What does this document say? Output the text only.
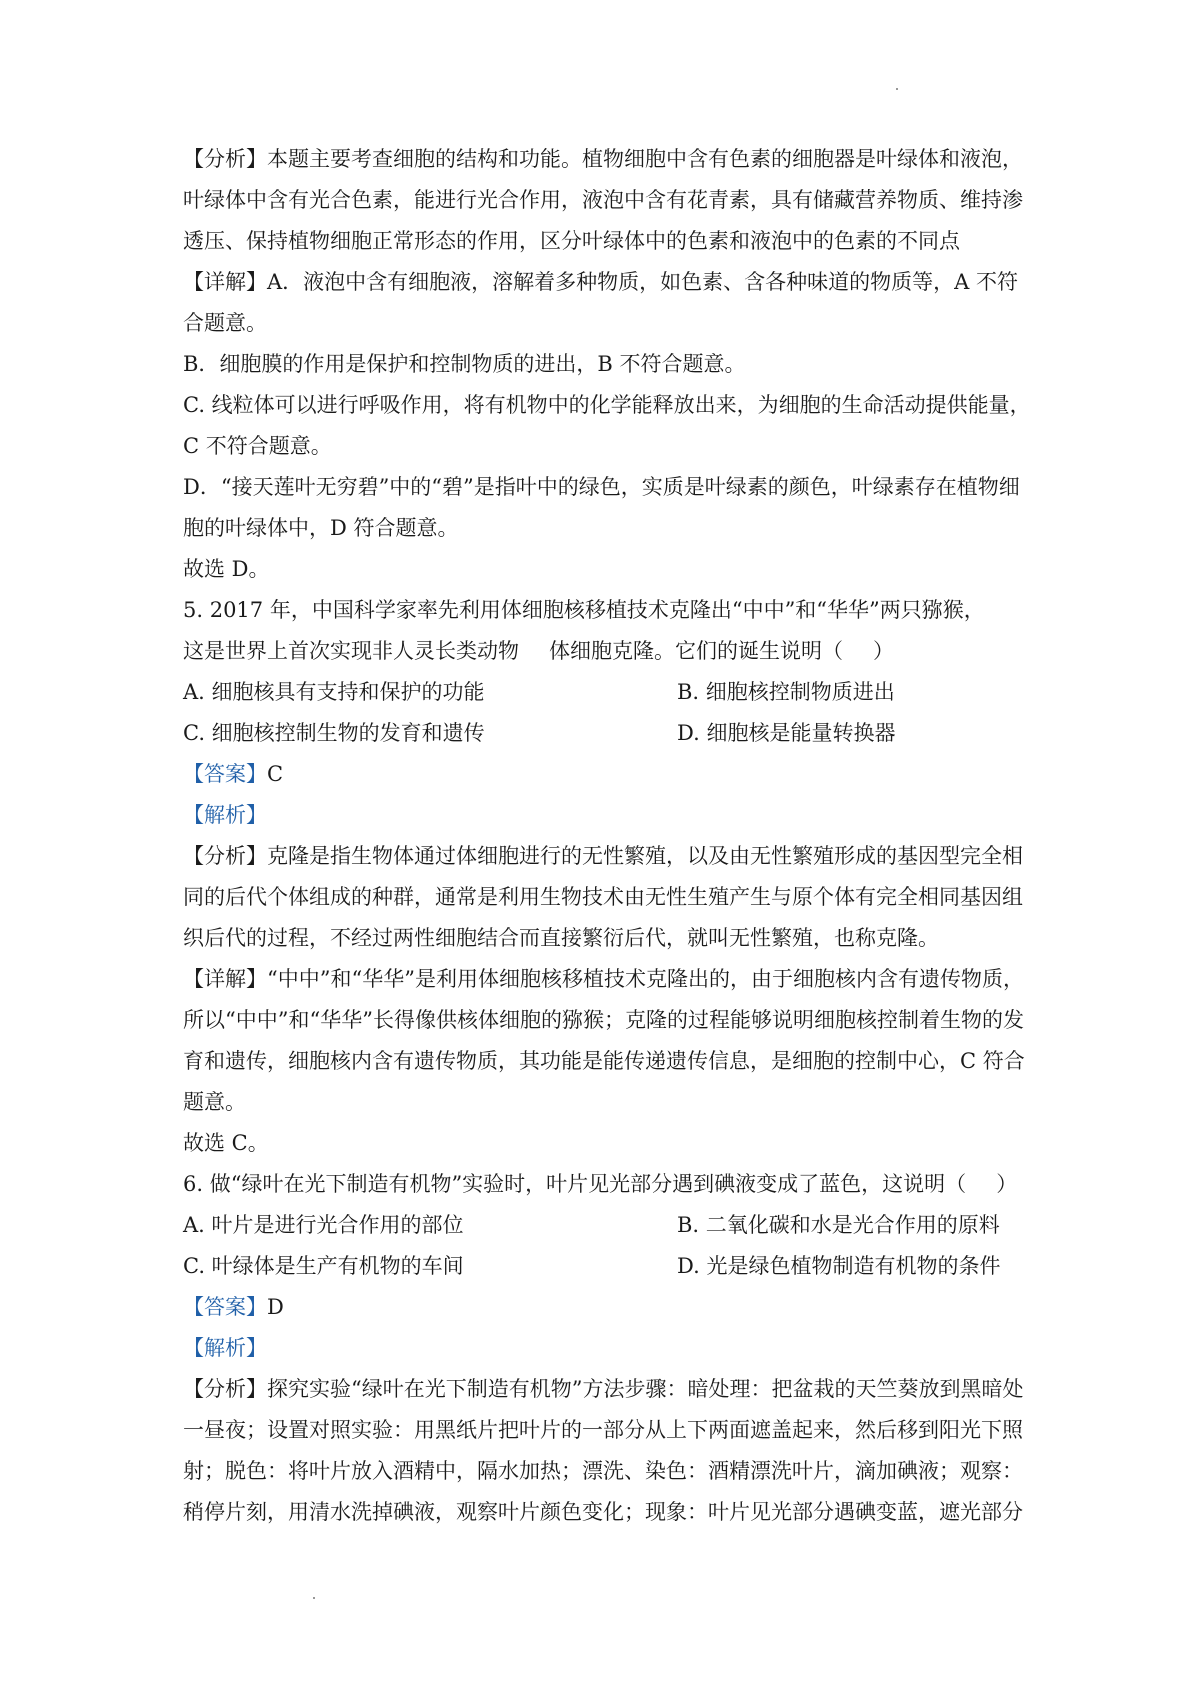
【分析】本题主要考查细胞的结构和功能。植物细胞中含有色素的细胞器是叶绿体和液泡，
叶绿体中含有光合色素，能进行光合作用，液泡中含有花青素，具有储藏营养物质、维持渗
透压、保持植物细胞正常形态的作用，区分叶绿体中的色素和液泡中的色素的不同点
【详解】A．液泡中含有细胞液，溶解着多种物质，如色素、含各种味道的物质等，A 不符
合题意。
B．细胞膜的作用是保护和控制物质的进出，B 不符合题意。
C. 线粒体可以进行呼吸作用，将有机物中的化学能释放出来，为细胞的生命活动提供能量，
C 不符合题意。
D．“接天莲叶无穷碧”中的“碧”是指叶中的绿色，实质是叶绿素的颜色，叶绿素存在植物细
胞的叶绿体中，D 符合题意。
故选 D。
5. 2017 年，中国科学家率先利用体细胞核移植技术克隆出“中中”和“华华”两只猕猴，
这是世界上首次实现非人灵长类动物 体细胞克隆。它们的诞生说明（ ）
A. 细胞核具有支持和保护的功能	B. 细胞核控制物质进出
C. 细胞核控制生物的发育和遗传	D. 细胞核是能量转换器
【答案】C
【解析】
【分析】克隆是指生物体通过体细胞进行的无性繁殖，以及由无性繁殖形成的基因型完全相
同的后代个体组成的种群，通常是利用生物技术由无性生殖产生与原个体有完全相同基因组
织后代的过程，不经过两性细胞结合而直接繁衍后代，就叫无性繁殖，也称克隆。
【详解】“中中”和“华华”是利用体细胞核移植技术克隆出的，由于细胞核内含有遗传物质，
所以“中中”和“华华”长得像供核体细胞的猕猴；克隆的过程能够说明细胞核控制着生物的发
育和遗传，细胞核内含有遗传物质，其功能是能传递遗传信息，是细胞的控制中心，C 符合
题意。
故选 C。
6. 做“绿叶在光下制造有机物”实验时，叶片见光部分遇到碘液变成了蓝色，这说明（ ）
A. 叶片是进行光合作用的部位	B. 二氧化碳和水是光合作用的原料
C. 叶绿体是生产有机物的车间	D. 光是绿色植物制造有机物的条件
【答案】D
【解析】
【分析】探究实验“绿叶在光下制造有机物”方法步骤：暗处理：把盆栽的天竺葵放到黑暗处
一昼夜；设置对照实验：用黑纸片把叶片的一部分从上下两面遮盖起来，然后移到阳光下照
射；脱色：将叶片放入酒精中，隔水加热；漂洗、染色：酒精漂洗叶片，滴加碘液；观察：
稍停片刻，用清水洗掉碘液，观察叶片颜色变化；现象：叶片见光部分遇碘变蓝，遮光部分
